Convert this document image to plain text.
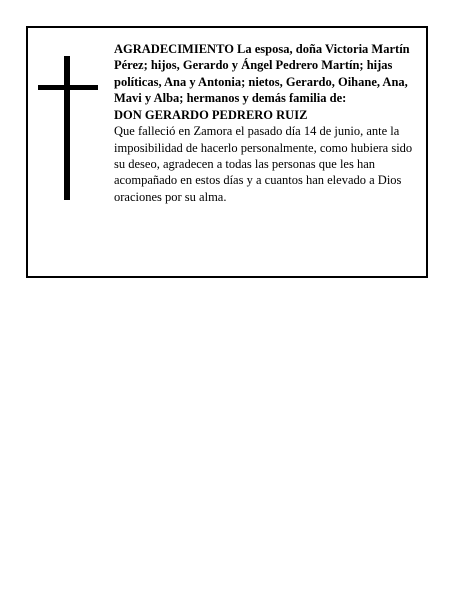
AGRADECIMIENTO La esposa, doña Victoria Martín Pérez; hijos, Gerardo y Ángel Pedrero Martín; hijas políticas, Ana y Antonia; nietos, Gerardo, Oihane, Ana, Mavi y Alba; hermanos y demás familia de:

DON GERARDO PEDRERO RUIZ

Que falleció en Zamora el pasado día 14 de junio, ante la imposibilidad de hacerlo personalmente, como hubiera sido su deseo, agradecen a todas las personas que les han acompañado en estos días y a cuantos han elevado a Dios oraciones por su alma.
